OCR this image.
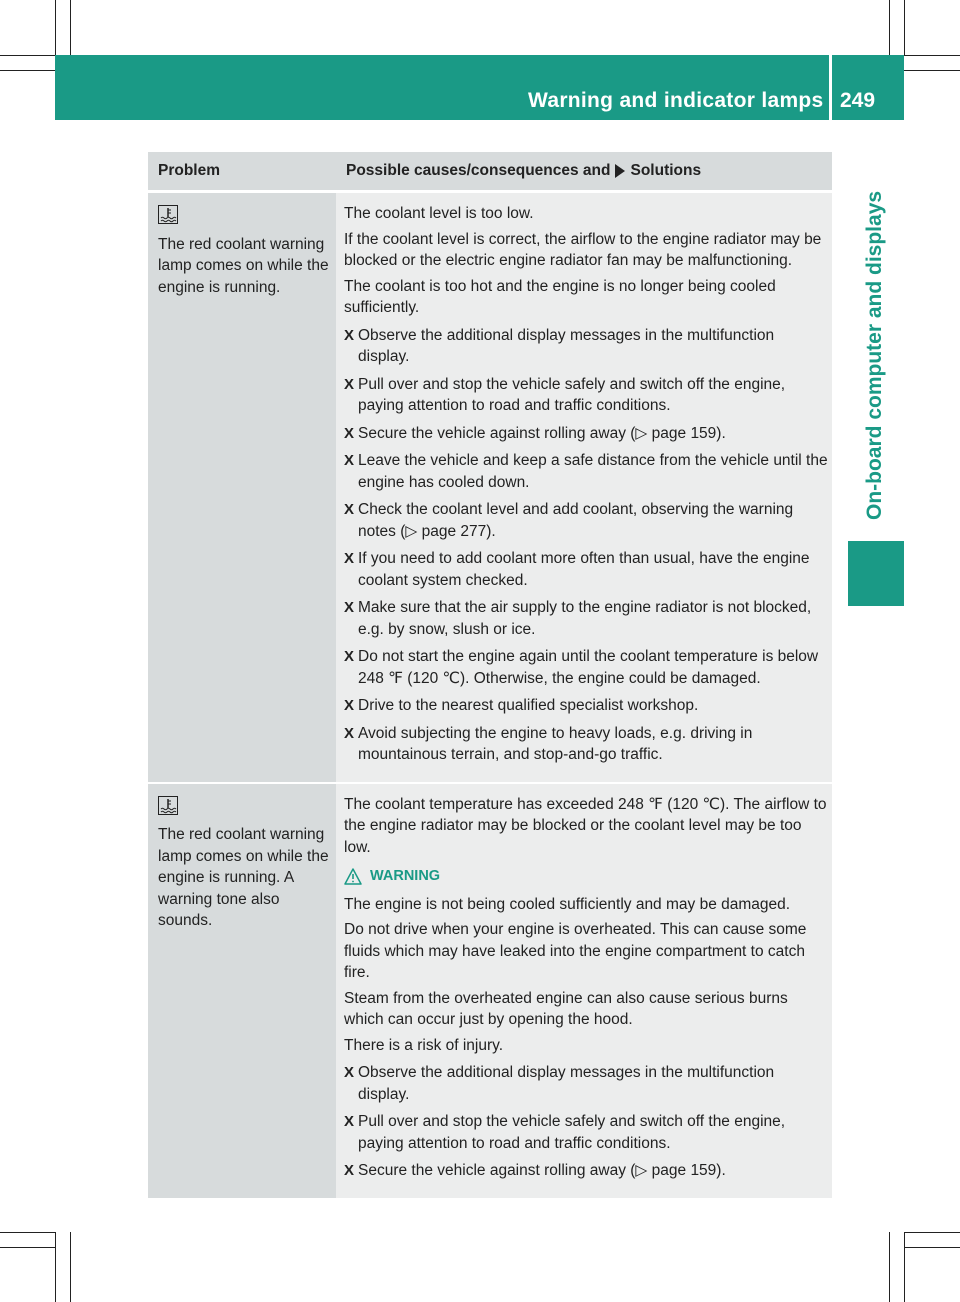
Warning and indicator lamps 249
On-board computer and displays
Problem	Possible causes/consequences and Solutions
The red coolant warning lamp comes on while the engine is running.

The coolant level is too low.

If the coolant level is correct, the airflow to the engine radiator may be blocked or the electric engine radiator fan may be malfunctioning.

The coolant is too hot and the engine is no longer being cooled sufficiently.

X Observe the additional display messages in the multifunction display.
X Pull over and stop the vehicle safely and switch off the engine, paying attention to road and traffic conditions.
X Secure the vehicle against rolling away (▷ page 159).
X Leave the vehicle and keep a safe distance from the vehicle until the engine has cooled down.
X Check the coolant level and add coolant, observing the warning notes (▷ page 277).
X If you need to add coolant more often than usual, have the engine coolant system checked.
X Make sure that the air supply to the engine radiator is not blocked, e.g. by snow, slush or ice.
X Do not start the engine again until the coolant temperature is below 248 ℉ (120 ℃). Otherwise, the engine could be damaged.
X Drive to the nearest qualified specialist workshop.
X Avoid subjecting the engine to heavy loads, e.g. driving in mountainous terrain, and stop-and-go traffic.
The red coolant warning lamp comes on while the engine is running. A warning tone also sounds.

The coolant temperature has exceeded 248 ℉ (120 ℃). The airflow to the engine radiator may be blocked or the coolant level may be too low.

WARNING

The engine is not being cooled sufficiently and may be damaged.

Do not drive when your engine is overheated. This can cause some fluids which may have leaked into the engine compartment to catch fire.

Steam from the overheated engine can also cause serious burns which can occur just by opening the hood.

There is a risk of injury.

X Observe the additional display messages in the multifunction display.
X Pull over and stop the vehicle safely and switch off the engine, paying attention to road and traffic conditions.
X Secure the vehicle against rolling away (▷ page 159).
